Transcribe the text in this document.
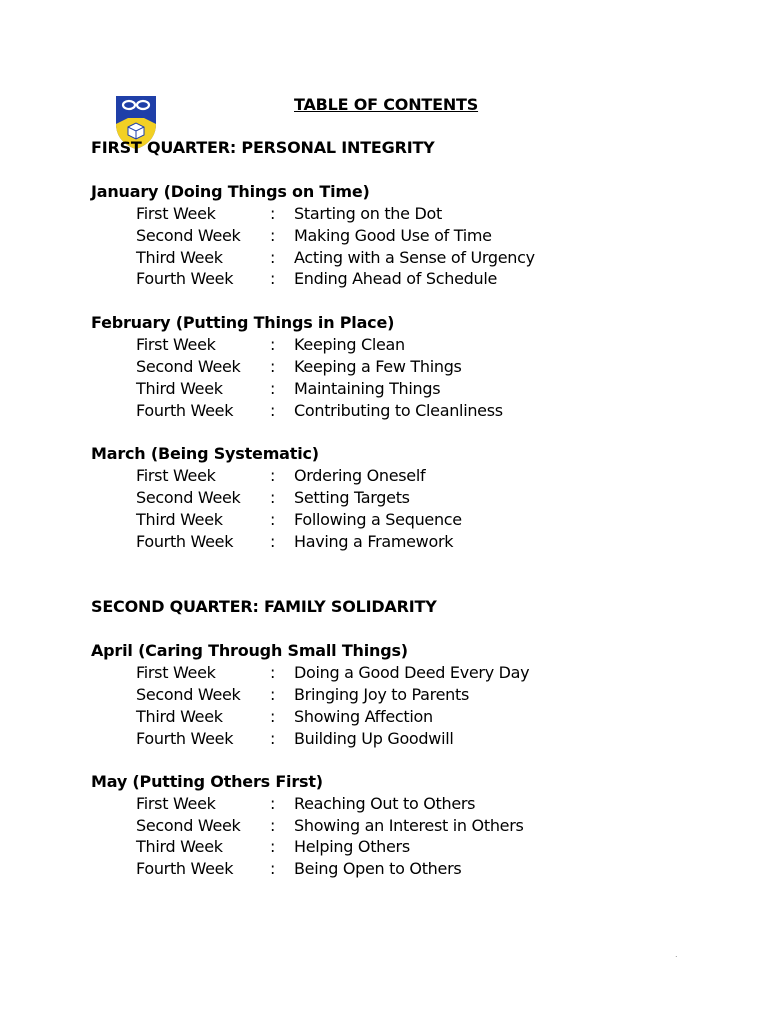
TABLE OF CONTENTS
FIRST QUARTER: PERSONAL INTEGRITY
January (Doing Things on Time)
First Week	: Starting on the Dot
Second Week : Making Good Use of Time
Third Week	: Acting with a Sense of Urgency
Fourth Week : Ending Ahead of Schedule
February (Putting Things in Place)
First Week	: Keeping Clean
Second Week : Keeping a Few Things
Third Week	: Maintaining Things
Fourth Week : Contributing to Cleanliness
March (Being Systematic)
First Week	: Ordering Oneself
Second Week : Setting Targets
Third Week	: Following a Sequence
Fourth Week : Having a Framework
SECOND QUARTER: FAMILY SOLIDARITY
April (Caring Through Small Things)
First Week	: Doing a Good Deed Every Day
Second Week : Bringing Joy to Parents
Third Week	: Showing Affection
Fourth Week : Building Up Goodwill
May (Putting Others First)
First Week	: Reaching Out to Others
Second Week : Showing an Interest in Others
Third Week	: Helping Others
Fourth Week : Being Open to Others
.
